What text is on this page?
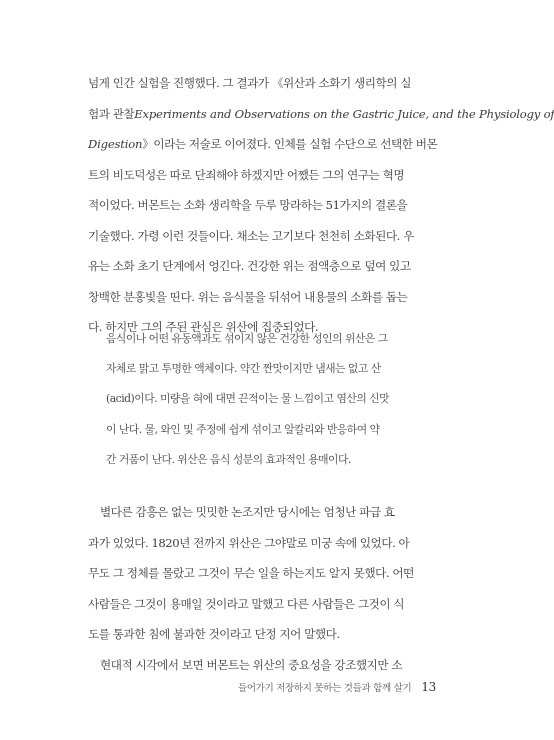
넘게 인간 실험을 진행했다. 그 결과가 《위산과 소화기 생리학의 실
험과 관찰Experiments and Observations on the Gastric Juice, and the Physiology of
Digestion》이라는 저술로 이어졌다. 인체를 실험 수단으로 선택한 버몬
트의 비도덕성은 따로 단죄해야 하겠지만 어쨌든 그의 연구는 혁명
적이었다. 버몬트는 소화 생리학을 두루 망라하는 51가지의 결론을
기술했다. 가령 이런 것들이다. 채소는 고기보다 천천히 소화된다. 우
유는 소화 초기 단계에서 엉긴다. 건강한 위는 점액층으로 덮여 있고
창백한 분홍빛을 띤다. 위는 음식물을 뒤섞어 내용물의 소화를 돕는
다. 하지만 그의 주된 관심은 위산에 집중되었다.
음식이나 어떤 유동액과도 섞이지 않은 건강한 성인의 위산은 그
자체로 맑고 투명한 액체이다. 약간 짠맛이지만 냄새는 없고 산
(acid)이다. 미량을 혀에 대면 끈적이는 물 느낌이고 염산의 신맛
이 난다. 물, 와인 및 주정에 쉽게 섞이고 알칼리와 반응하여 약
간 거품이 난다. 위산은 음식 성분의 효과적인 용매이다.
별다른 감흥은 없는 밋밋한 논조지만 당시에는 엄청난 파급 효
과가 있었다. 1820년 전까지 위산은 그야말로 미궁 속에 있었다. 아
무도 그 정체를 몰랐고 그것이 무슨 일을 하는지도 알지 못했다. 어떤
사람들은 그것이 용매일 것이라고 말했고 다른 사람들은 그것이 식
도를 통과한 침에 불과한 것이라고 단정 지어 말했다.
현대적 시각에서 보면 버몬트는 위산의 중요성을 강조했지만 소
들어가기 저장하지 못하는 것들과 함께 살기 13
